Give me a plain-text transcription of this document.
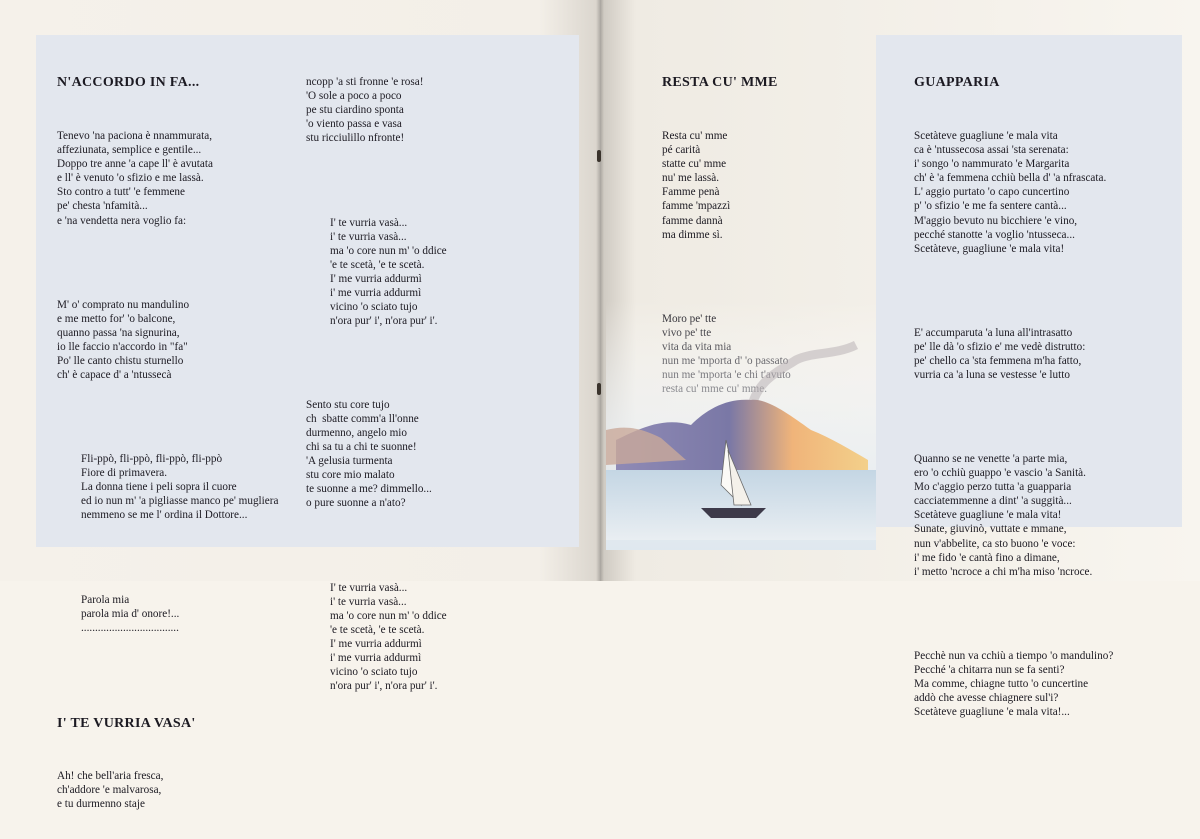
N'ACCORDO IN FA...

Tenevo 'na paciona è nnammurata,
affeziunata, semplice e gentile...
Doppo tre anne 'a cape ll' è avutata
e ll' è venuto 'o sfizio e me lassà.
Sto contro a tutt' 'e femmene
pe' chesta 'nfamità...
e 'na vendetta nera voglio fa:

M' o' comprato nu mandulino
e me metto for' 'o balcone,
quanno passa 'na signurina,
io lle faccio n'accordo in "fa"
Po' lle canto chistu sturnello
ch' è capace d' a 'ntussecà

Fli-ppò, fli-ppò, fli-ppò, fli-ppò
Fiore di primavera.
La donna tiene i peli sopra il cuore
ed io nun m' 'a pigliasse manco pe' mugliera
nemmeno se me l' ordina il Dottore...

Parola mia
parola mia d' onore!...
...................................

I' TE VURRIA VASA'

Ah! che bell'aria fresca,
ch'addore 'e malvarosa,
e tu durmenno staje

ncopp 'a sti fronne 'e rosa!
'O sole a poco a poco
pe stu ciardino sponta
'o viento passa e vasa
stu ricciulillo nfronte!

I' te vurria vasà...
i' te vurria vasà...
ma 'o core nun m' 'o ddice
'e te scetà, 'e te scetà.
I' me vurria addurmì
i' me vurria addurmì
vicino 'o sciato tujo
n'ora pur' i', n'ora pur' i'.

Sento stu core tujo
ch  sbatte comm'a ll'onne
durmenno, angelo mio
chi sa tu a chi te suonne!
'A gelusia turmenta
stu core mio malato
te suonne a me? dimmello...
o pure suonne a n'ato?

I' te vurria vasà...
i' te vurria vasà...
ma 'o core nun m' 'o ddice
'e te scetà, 'e te scetà.
I' me vurria addurmì
i' me vurria addurmì
vicino 'o sciato tujo
n'ora pur' i', n'ora pur' i'.

RESTA CU' MME

Resta cu' mme
pé carità
statte cu' mme
nu' me lassà.
Famme penà
famme 'mpazzì
famme dannà
ma dimme sì.

GUAPPARIA

Scetàteve guagliune 'e mala vita
ca è 'ntussecosa assai 'sta serenata:
i' songo 'o nammurato 'e Margarita
ch' è 'a femmena cchiù bella d' 'a nfrascata.
L' aggio purtato 'o capo cuncertino
p' 'o sfizio 'e me fa sentere cantà...
M'aggio bevuto nu bicchiere 'e vino,
pecché stanotte 'a voglio 'ntusseca...
Scetàteve, guagliune 'e mala vita!

E' accumparuta 'a luna all'intrasatto
pe' lle dà 'o sfizio e' me vedè distrutto:
pe' chello ca 'sta femmena m'ha fatto,
vurria ca 'a luna se vestesse 'e lutto

Quanno se ne venette 'a parte mia,
ero 'o cchiù guappo 'e vascio 'a Sanità.
Mo c'aggio perzo tutta 'a guapparia
cacciatemmenne a dint' 'a suggità...
Scetàteve guagliune 'e mala vita!
Sunate, giuvinò, vuttate e mmane,
nun v'abbelite, ca sto buono 'e voce:
i' me fido 'e cantà fino a dimane,
i' metto 'ncroce a chi m'ha miso 'ncroce.

Pecchè nun va cchiù a tiempo 'o mandulino?
Pecché 'a chitarra nun se fa senti?
Ma comme, chiagne tutto 'o cuncertine
addò che avesse chiagnere sul'i?
Scetàteve guagliune 'e mala vita!...
